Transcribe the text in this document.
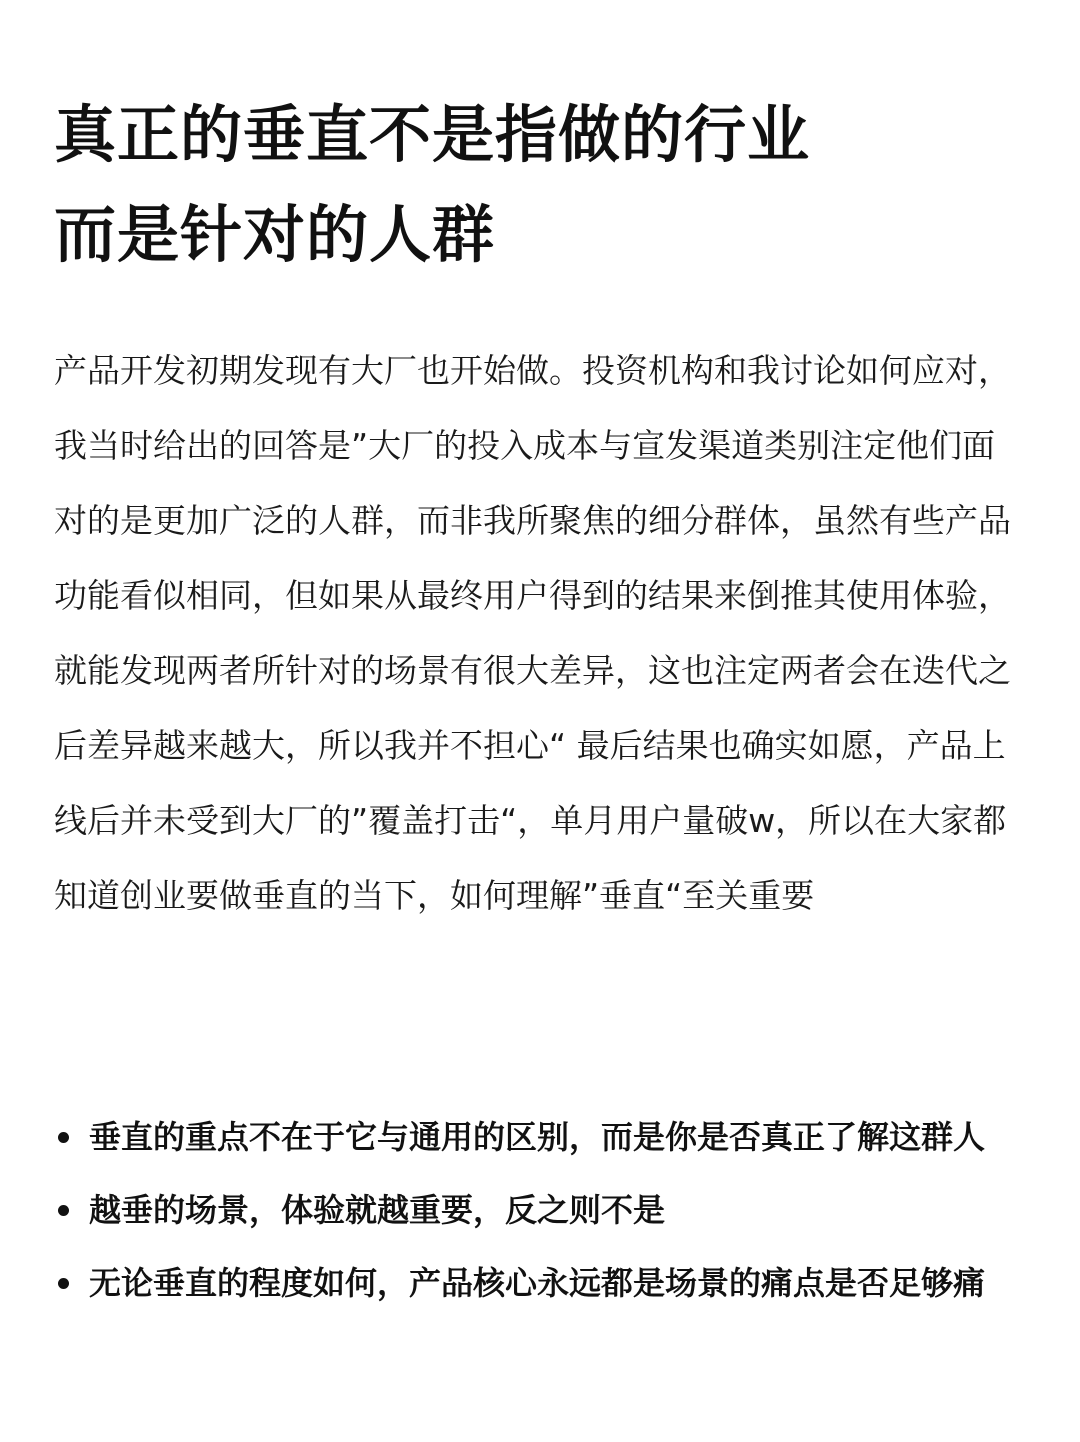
真正的垂直不是指做的行业
而是针对的人群

产品开发初期发现有大厂也开始做。投资机构和我讨论如何应对，

我当时给出的回答是”大厂的投入成本与宣发渠道类别注定他们面

对的是更加广泛的人群，而非我所聚焦的细分群体，虽然有些产品

功能看似相同，但如果从最终用户得到的结果来倒推其使用体验，

就能发现两者所针对的场景有很大差异，这也注定两者会在迭代之

后差异越来越大，所以我并不担心“ 最后结果也确实如愿，产品上

线后并未受到大厂的”覆盖打击“，单月用户量破w，所以在大家都

知道创业要做垂直的当下，如何理解”垂直“至关重要

垂直的重点不在于它与通用的区别，而是你是否真正了解这群人
越垂的场景，体验就越重要，反之则不是
无论垂直的程度如何，产品核心永远都是场景的痛点是否足够痛
